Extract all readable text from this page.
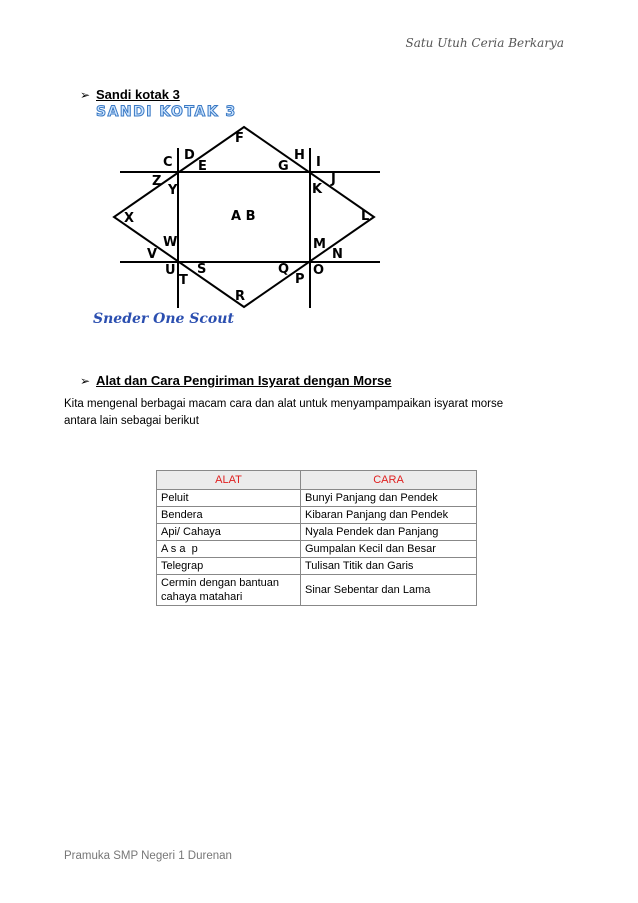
Satu Utuh Ceria Berkarya
➢ Sandi kotak 3
SANDI KOTAK 3
F
C D
E	G
H I
Z
Y	K
J
X	A B	L
W
V
M
N
U
T
S	Q
P
O
R
Sneder One Scout
➢ Alat dan Cara Pengiriman Isyarat dengan Morse
Kita mengenal berbagai macam cara dan alat untuk menyampampaikan isyarat morse
antara lain sebagai berikut
ALAT	CARA
Peluit	Bunyi Panjang dan Pendek
Bendera	Kibaran Panjang dan Pendek
Api/ Cahaya	Nyala Pendek dan Panjang
A s a  p	Gumpalan Kecil dan Besar
Telegrap	Tulisan Titik dan Garis
Cermin dengan bantuan cahaya matahari	Sinar Sebentar dan Lama
Pramuka SMP Negeri 1 Durenan
